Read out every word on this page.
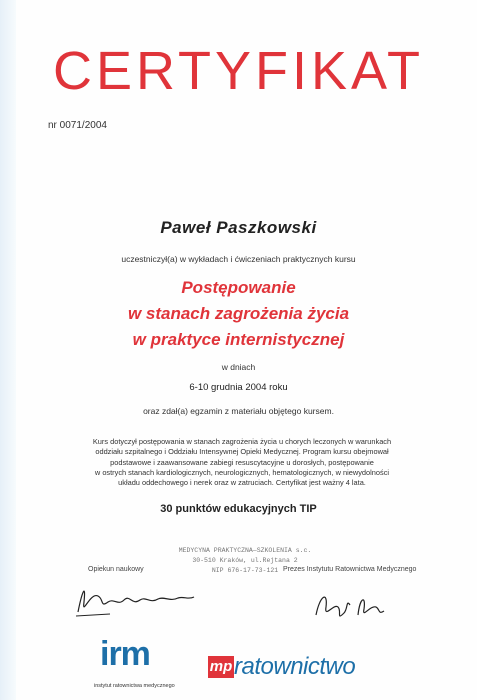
CERTYFIKAT
nr 0071/2004
Paweł Paszkowski
uczestniczył(a) w wykładach i ćwiczeniach praktycznych kursu
Postępowanie
w stanach zagrożenia życia
w praktyce internistycznej
w dniach
6-10 grudnia 2004 roku
oraz zdał(a) egzamin z materiału objętego kursem.
Kurs dotyczył postępowania w stanach zagrożenia życia u chorych leczonych w warunkach
oddziału szpitalnego i Oddziału Intensywnej Opieki Medycznej. Program kursu obejmował
podstawowe i zaawansowane zabiegi resuscytacyjne u dorosłych, postępowanie
w ostrych stanach kardiologicznych, neurologicznych, hematologicznych, w niewydolności
układu oddechowego i nerek oraz w zatruciach. Certyfikat jest ważny 4 lata.
30 punktów edukacyjnych TIP
MEDYCYNA PRAKTYCZNA—SZKOLENIA s.c.
30-510 Kraków, ul.Rejtana 2
NIP 676-17-73-121
Opiekun naukowy	Prezes Instytutu Ratownictwa Medycznego
irm
instytut ratownictwa medycznego
mpratownictwo
